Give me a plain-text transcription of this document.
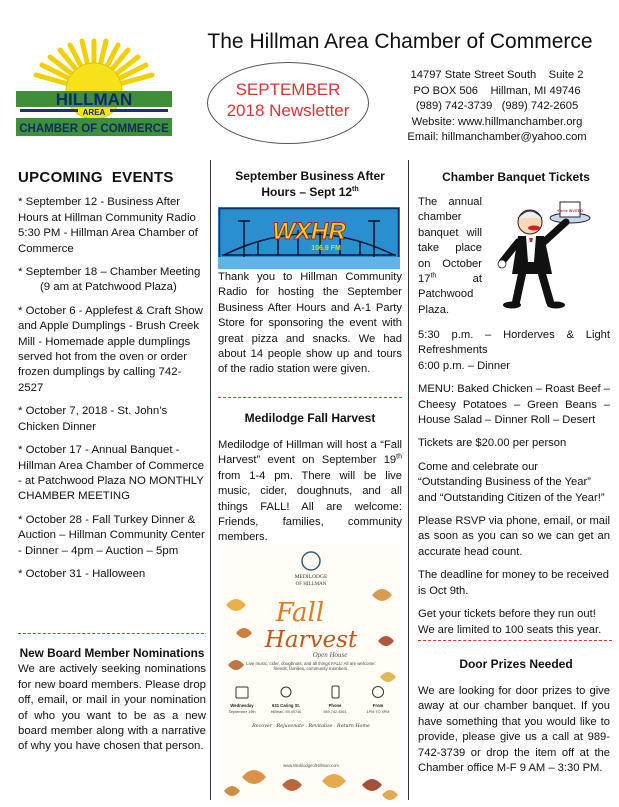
HILLMAN
AREA
CHAMBER OF COMMERCE
The Hillman Area Chamber of Commerce
SEPTEMBER
2018 Newsletter
14797 State Street South    Suite 2
PO BOX 506    Hillman, MI 49746
(989) 742-3739   (989) 742-2605
Website: www.hillmanchamber.org
Email: hillmanchamber@yahoo.com
UPCOMING  EVENTS
* September 12 - Business After Hours at Hillman Community Radio 5:30 PM - Hillman Area Chamber of Commerce
* September 18 – Chamber Meeting
(9 am at Patchwood Plaza)
* October 6 - Applefest & Craft Show and Apple Dumplings - Brush Creek Mill - Homemade apple dumplings served hot from the oven or order frozen dumplings by calling 742-2527
* October 7, 2018 - St. John’s Chicken Dinner
* October 17 - Annual Banquet - Hillman Area Chamber of Commerce - at Patchwood Plaza NO MONTHLY CHAMBER MEETING
* October 28 - Fall Turkey Dinner & Auction – Hillman Community Center - Dinner – 4pm – Auction – 5pm
* October 31 - Halloween
New Board Member Nominations

We are actively seeking nominations for new board members. Please drop off, email, or mail in your nomination of who you want to be as a new board member along with a narrative of why you have chosen that person.

September Business After
Hours – Sept 12th
WXHR
106.9 FM
Thank you to Hillman Community Radio for hosting the September Business After Hours and A-1 Party Store for sponsoring the event with great pizza and snacks. We had about 14 people show up and tours of the radio station were given.
Medilodge Fall Harvest
Medilodge of Hillman will host a “Fall Harvest” event on September 19th from 1-4 pm. There will be live music, cider, doughnuts, and all things FALL! All are welcome: Friends, families, community members.
MEDILODGE
OF HILLMAN
Fall
Harvest
Open House
Live music, cider, doughnuts, and all things FALL! All are welcome: friends, families, community members.
Wednesday
September 19th
631 Caring St.
Hillman, MI 49746
Phone
989.742.4561
From
1PM TO 4PM
Recover . Rejuvenate . Revitalize . Return Home
www.MedilodgeofHillman.com
Chamber Banquet Tickets
The annual chamber banquet will take place on October 17th at Patchwood Plaza.
You're INVITED

5:30 p.m. – Horderves & Light Refreshments
6:00 p.m. – Dinner

MENU: Baked Chicken – Roast Beef – Cheesy Potatoes – Green Beans – House Salad – Dinner Roll – Desert

Tickets are $20.00 per person

Come and celebrate our
“Outstanding Business of the Year”
and “Outstanding Citizen of the Year!”

Please RSVP via phone, email, or mail as soon as you can so we can get an accurate head count.

The deadline for money to be received is Oct 9th.

Get your tickets before they run out! We are limited to 100 seats this year.

Door Prizes Needed
We are looking for door prizes to give away at our chamber banquet. If you have something that you would like to provide, please give us a call at 989-742-3739 or drop the item off at the Chamber office M-F 9 AM – 3:30 PM.
